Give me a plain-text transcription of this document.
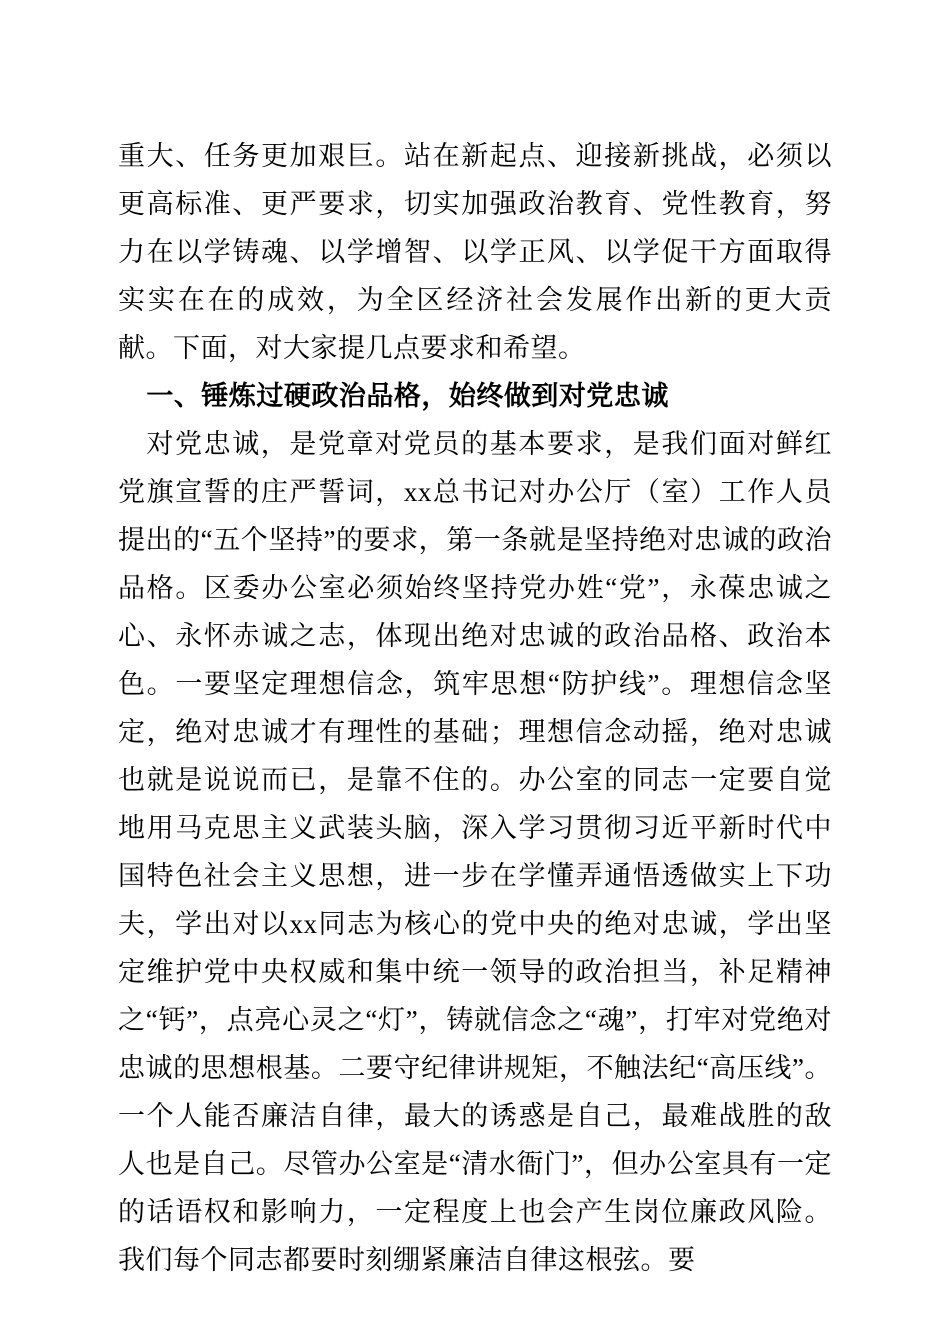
重大、任务更加艰巨。站在新起点、迎接新挑战，必须以更高标准、更严要求，切实加强政治教育、党性教育，努力在以学铸魂、以学增智、以学正风、以学促干方面取得实实在在的成效，为全区经济社会发展作出新的更大贡献。下面，对大家提几点要求和希望。

一、锤炼过硬政治品格，始终做到对党忠诚

对党忠诚，是党章对党员的基本要求，是我们面对鲜红党旗宣誓的庄严誓词，xx总书记对办公厅（室）工作人员提出的“五个坚持”的要求，第一条就是坚持绝对忠诚的政治品格。区委办公室必须始终坚持党办姓“党”，永葆忠诚之心、永怀赤诚之志，体现出绝对忠诚的政治品格、政治本色。一要坚定理想信念，筑牢思想“防护线”。理想信念坚定，绝对忠诚才有理性的基础；理想信念动摇，绝对忠诚也就是说说而已，是靠不住的。办公室的同志一定要自觉地用马克思主义武装头脑，深入学习贯彻习近平新时代中国特色社会主义思想，进一步在学懂弄通悟透做实上下功夫，学出对以xx同志为核心的党中央的绝对忠诚，学出坚定维护党中央权威和集中统一领导的政治担当，补足精神之“钙”，点亮心灵之“灯”，铸就信念之“魂”，打牢对党绝对忠诚的思想根基。二要守纪律讲规矩，不触法纪“高压线”。一个人能否廉洁自律，最大的诱惑是自己，最难战胜的敌人也是自己。尽管办公室是“清水衙门”，但办公室具有一定的话语权和影响力，一定程度上也会产生岗位廉政风险。我们每个同志都要时刻绷紧廉洁自律这根弦。要
